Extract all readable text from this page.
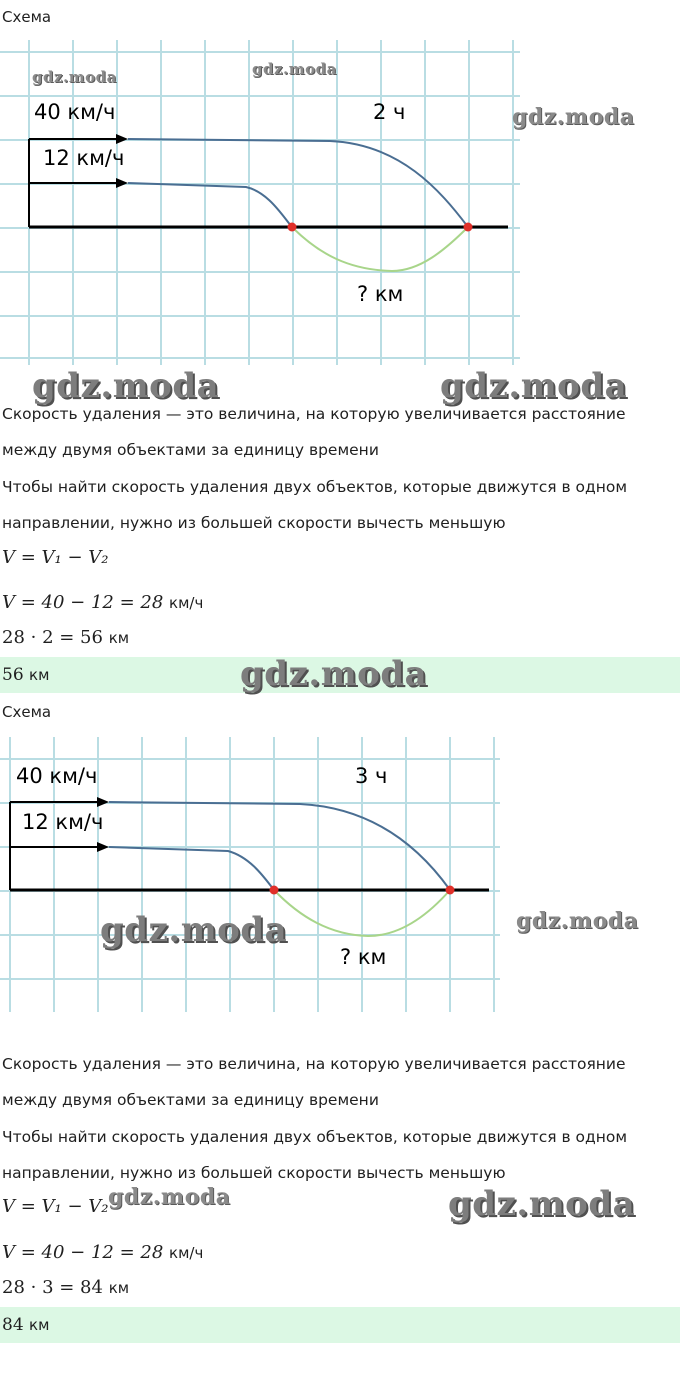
Схема
40 км/ч
12 км/ч
2 ч
? км

Скорость удаления — это величина, на которую увеличивается расстояние между двумя объектами за единицу времени

Чтобы найти скорость удаления двух объектов, которые движутся в одном направлении, нужно из большей скорости вычесть меньшую

V = V₁ − V₂
V = 40 − 12 = 28 км/ч
28 · 2 = 56 км
56 км
Схема
40 км/ч
12 км/ч
3 ч
? км

Скорость удаления — это величина, на которую увеличивается расстояние между двумя объектами за единицу времени

Чтобы найти скорость удаления двух объектов, которые движутся в одном направлении, нужно из большей скорости вычесть меньшую

V = V₁ − V₂
V = 40 − 12 = 28 км/ч
28 · 3 = 84 км
84 км
gdz.moda	gdz.moda
gdz.moda
gdz.moda	gdz.moda
gdz.moda
gdz.moda	gdz.moda
gdz.moda	gdz.moda
